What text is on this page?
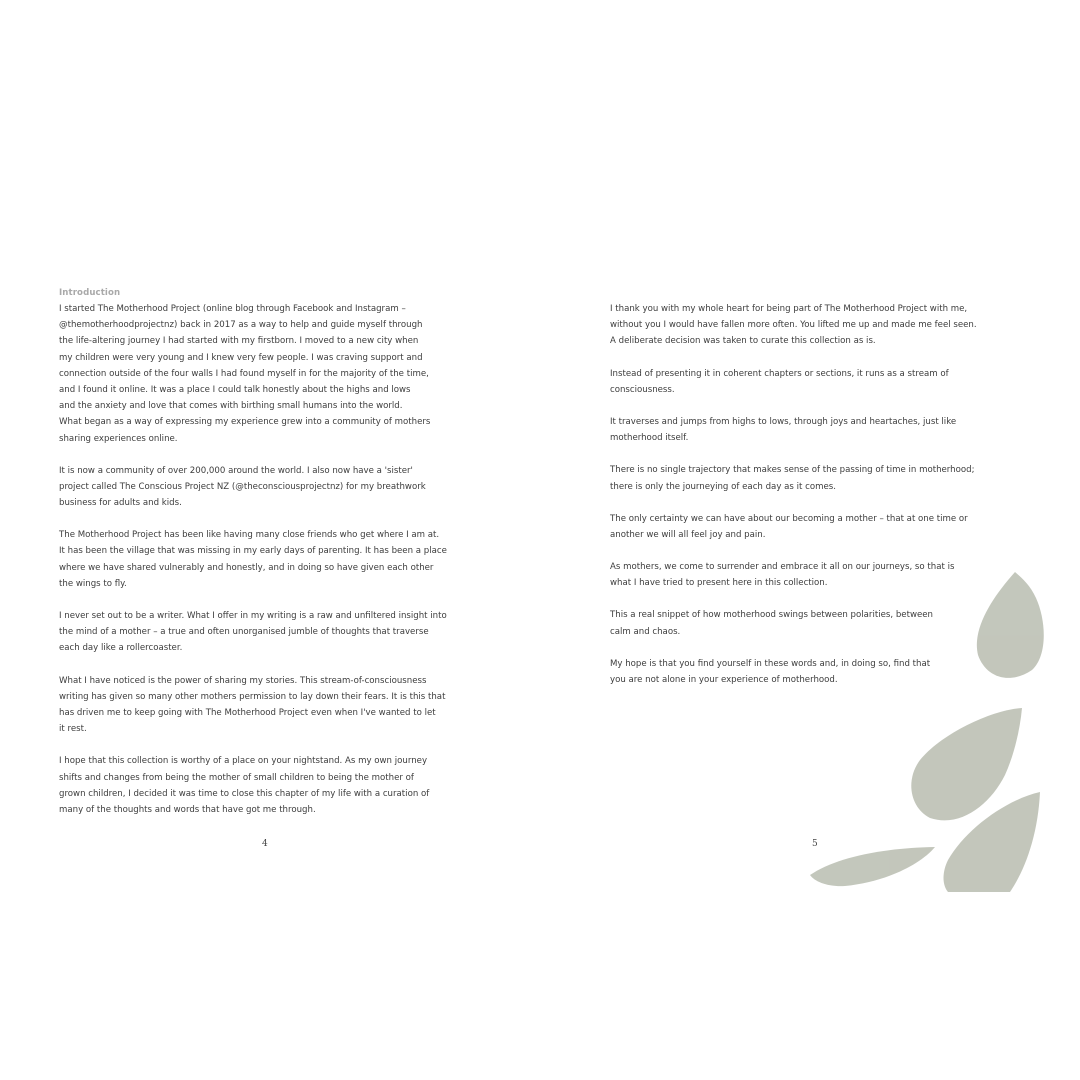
Introduction
I started The Motherhood Project (online blog through Facebook and Instagram –
@themotherhoodprojectnz) back in 2017 as a way to help and guide myself through
the life-altering journey I had started with my firstborn. I moved to a new city when
my children were very young and I knew very few people. I was craving support and
connection outside of the four walls I had found myself in for the majority of the time,
and I found it online. It was a place I could talk honestly about the highs and lows
and the anxiety and love that comes with birthing small humans into the world.
What began as a way of expressing my experience grew into a community of mothers
sharing experiences online.
It is now a community of over 200,000 around the world. I also now have a 'sister'
project called The Conscious Project NZ (@theconsciousprojectnz) for my breathwork
business for adults and kids.
The Motherhood Project has been like having many close friends who get where I am at.
It has been the village that was missing in my early days of parenting. It has been a place
where we have shared vulnerably and honestly, and in doing so have given each other
the wings to fly.
I never set out to be a writer. What I offer in my writing is a raw and unfiltered insight into
the mind of a mother – a true and often unorganised jumble of thoughts that traverse
each day like a rollercoaster.
What I have noticed is the power of sharing my stories. This stream-of-consciousness
writing has given so many other mothers permission to lay down their fears. It is this that
has driven me to keep going with The Motherhood Project even when I've wanted to let
it rest.
I hope that this collection is worthy of a place on your nightstand. As my own journey
shifts and changes from being the mother of small children to being the mother of
grown children, I decided it was time to close this chapter of my life with a curation of
many of the thoughts and words that have got me through.
I thank you with my whole heart for being part of The Motherhood Project with me,
without you I would have fallen more often. You lifted me up and made me feel seen.
A deliberate decision was taken to curate this collection as is.
Instead of presenting it in coherent chapters or sections, it runs as a stream of
consciousness.
It traverses and jumps from highs to lows, through joys and heartaches, just like
motherhood itself.
There is no single trajectory that makes sense of the passing of time in motherhood;
there is only the journeying of each day as it comes.
The only certainty we can have about our becoming a mother – that at one time or
another we will all feel joy and pain.
As mothers, we come to surrender and embrace it all on our journeys, so that is
what I have tried to present here in this collection.
This a real snippet of how motherhood swings between polarities, between
calm and chaos.
My hope is that you find yourself in these words and, in doing so, find that
you are not alone in your experience of motherhood.
4	5
